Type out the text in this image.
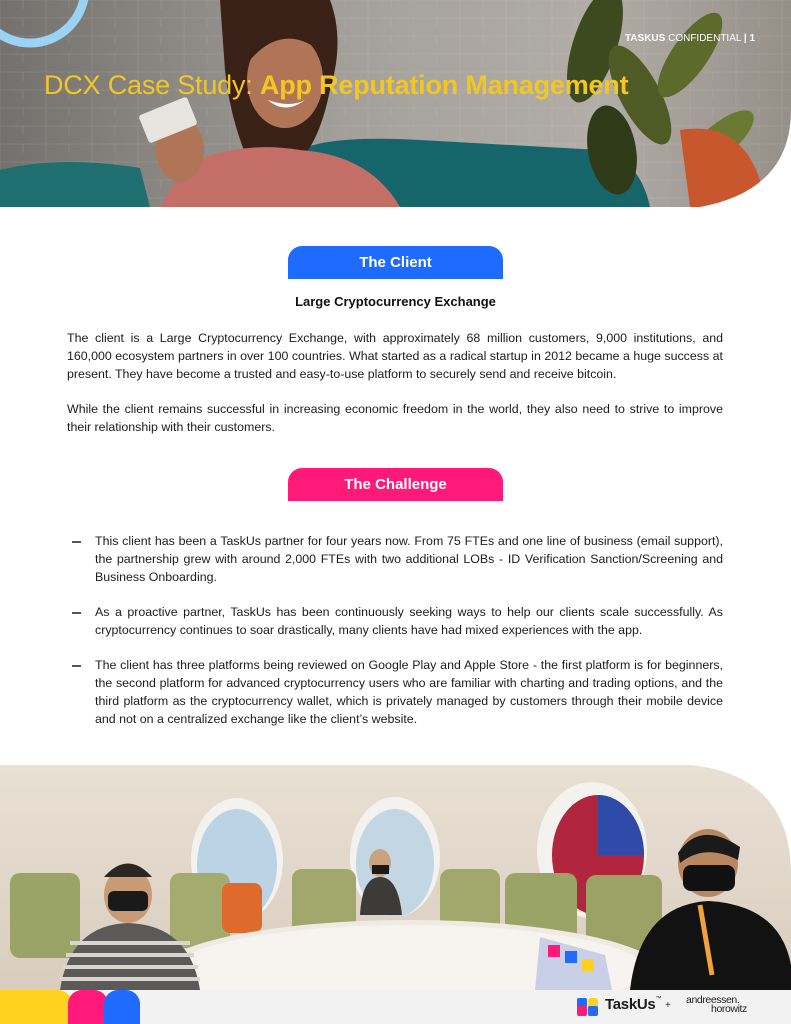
TASKUS CONFIDENTIAL | 1
DCX Case Study: App Reputation Management
The Client
Large Cryptocurrency Exchange

The client is a Large Cryptocurrency Exchange, with approximately 68 million customers, 9,000 institutions, and 160,000 ecosystem partners in over 100 countries. What started as a radical startup in 2012 became a huge success at present. They have become a trusted and easy-to-use platform to securely send and receive bitcoin.

While the client remains successful in increasing economic freedom in the world, they also need to strive to improve their relationship with their customers.

The Challenge
This client has been a TaskUs partner for four years now. From 75 FTEs and one line of business (email support), the partnership grew with around 2,000 FTEs with two additional LOBs - ID Verification Sanction/Screening and Business Onboarding.
As a proactive partner, TaskUs has been continuously seeking ways to help our clients scale successfully. As cryptocurrency continues to soar drastically, many clients have had mixed experiences with the app.
The client has three platforms being reviewed on Google Play and Apple Store - the first platform is for beginners, the second platform for advanced cryptocurrency users who are familiar with charting and trading options, and the third platform as the cryptocurrency wallet, which is privately managed by customers through their mobile device and not on a centralized exchange like the client’s website.
TaskUs™
+ andreessen.
horowitz
